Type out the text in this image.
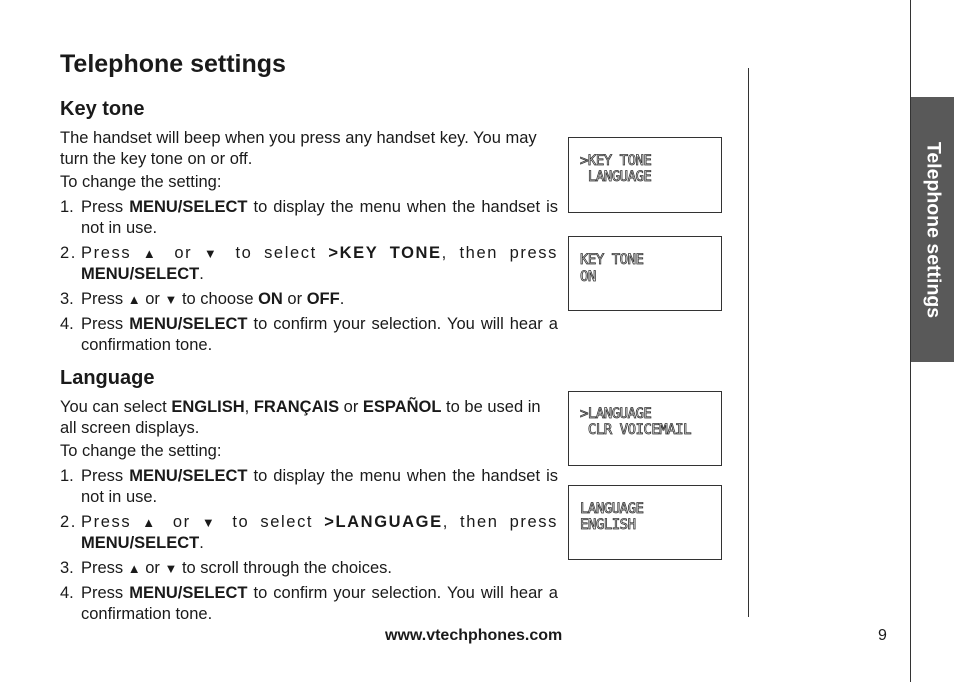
Telephone settings
Key tone

The handset will beep when you press any handset key. You may turn the key tone on or off.

To change the setting:

1. Press MENU/SELECT to display the menu when the handset is not in use.
2. Press ▲ or ▼ to select >KEY TONE, then press MENU/SELECT.
3. Press ▲ or ▼ to choose ON or OFF.
4. Press MENU/SELECT to confirm your selection. You will hear a confirmation tone.
Language

You can select ENGLISH, FRANÇAIS or ESPAÑOL to be used in all screen displays.

To change the setting:

1. Press MENU/SELECT to display the menu when the handset is not in use.
2. Press ▲ or ▼ to select >LANGUAGE, then press MENU/SELECT.
3. Press ▲ or ▼ to scroll through the choices.
4. Press MENU/SELECT to confirm your selection. You will hear a confirmation tone.
>KEY TONE
LANGUAGE
KEY TONE
ON
>LANGUAGE
CLR VOICEMAIL
LANGUAGE
ENGLISH
Telephone settings
www.vtechphones.com	9
